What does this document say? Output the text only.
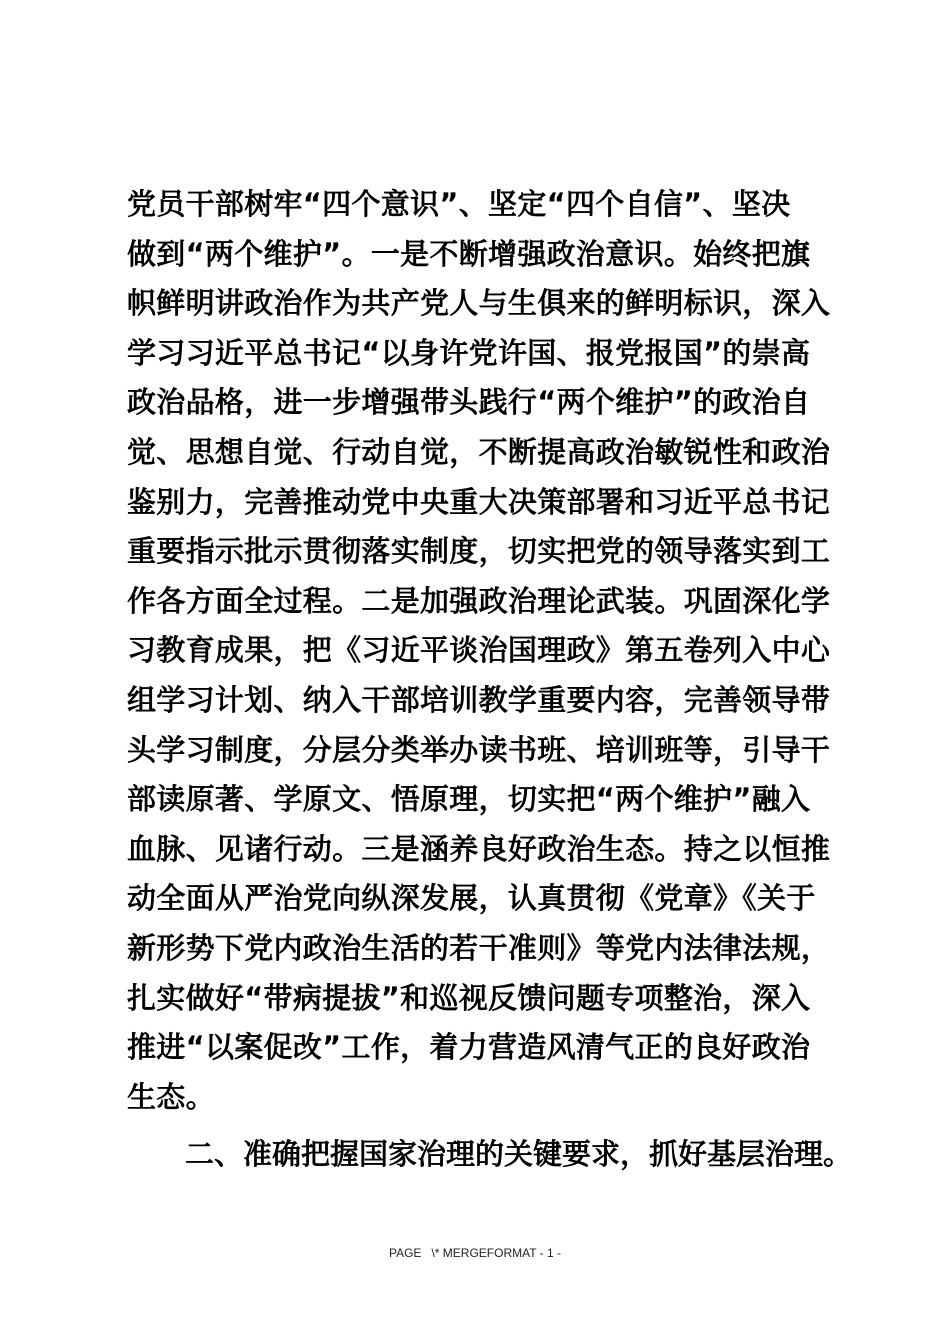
党员干部树牢“四个意识”、坚定“四个自信”、坚决
做到“两个维护”。一是不断增强政治意识。始终把旗
帜鲜明讲政治作为共产党人与生俱来的鲜明标识，深入
学习习近平总书记“以身许党许国、报党报国”的崇高
政治品格，进一步增强带头践行“两个维护”的政治自
觉、思想自觉、行动自觉，不断提高政治敏锐性和政治
鉴别力，完善推动党中央重大决策部署和习近平总书记
重要指示批示贯彻落实制度，切实把党的领导落实到工
作各方面全过程。二是加强政治理论武装。巩固深化学
习教育成果，把《习近平谈治国理政》第五卷列入中心
组学习计划、纳入干部培训教学重要内容，完善领导带
头学习制度，分层分类举办读书班、培训班等，引导干
部读原著、学原文、悟原理，切实把“两个维护”融入
血脉、见诸行动。三是涵养良好政治生态。持之以恒推
动全面从严治党向纵深发展，认真贯彻《党章》《关于
新形势下党内政治生活的若干准则》等党内法律法规，
扎实做好“带病提拔”和巡视反馈问题专项整治，深入
推进“以案促改”工作，着力营造风清气正的良好政治
生态。
二、准确把握国家治理的关键要求，抓好基层治理。
PAGE   \* MERGEFORMAT - 1 -
